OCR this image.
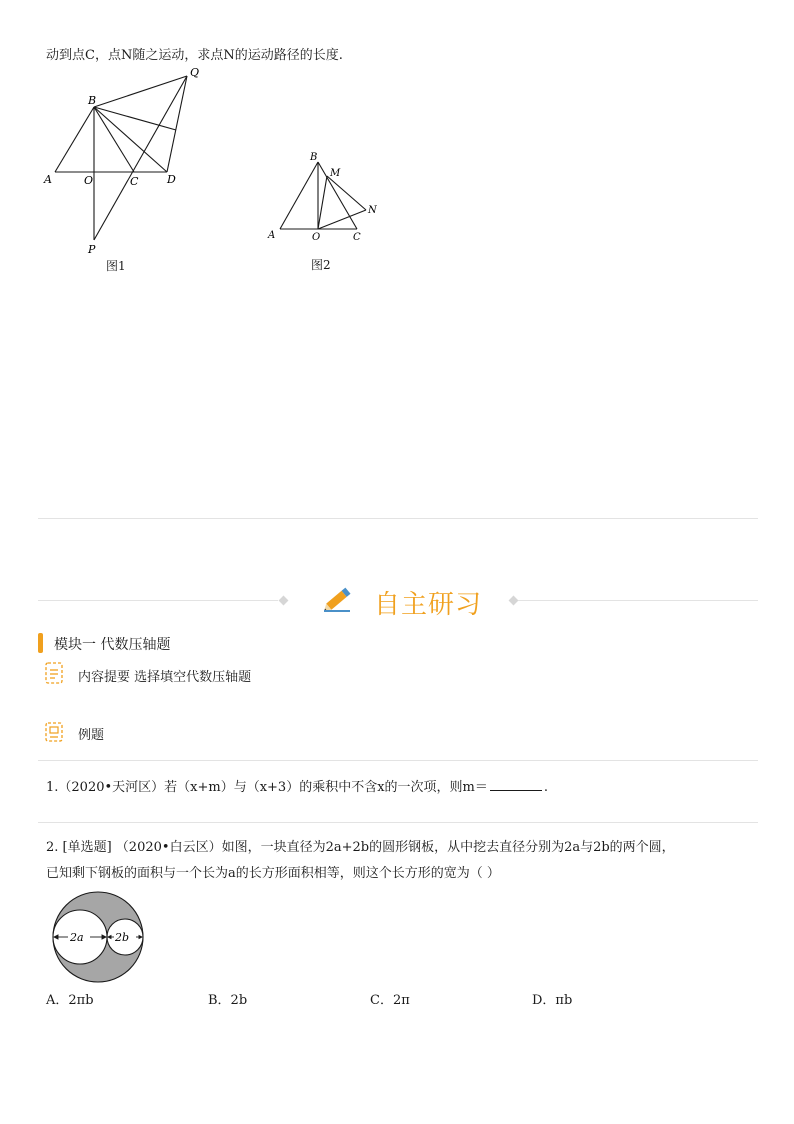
动到点C，点N随之运动，求点N的运动路径的长度.
B
Q
A	O	C	D
P
图1
B
M
N
A	O	C
图2
自主研习
模块一 代数压轴题
内容提要 选择填空代数压轴题
例题
1.（2020•天河区）若（x+m）与（x+3）的乘积中不含x的一次项，则m＝	.
2. [单选题] （2020•白云区）如图，一块直径为2a+2b的圆形钢板，从中挖去直径分别为2a与2b的两个圆，
已知剩下钢板的面积与一个长为a的长方形面积相等，则这个长方形的宽为（ ）
2a	2b
A．2πb	B．2b	C．2π	D．πb
